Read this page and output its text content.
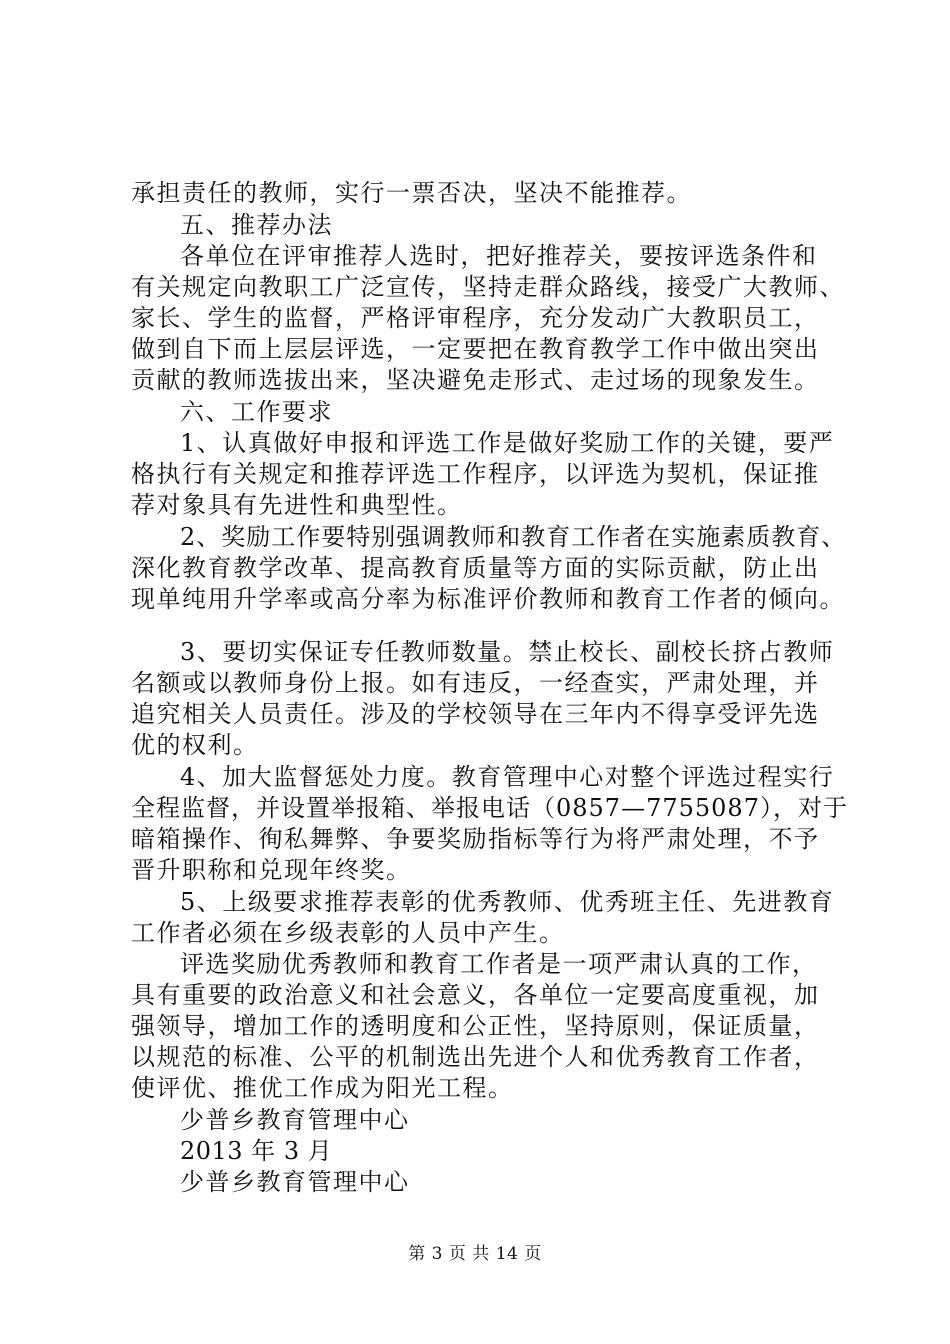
承担责任的教师，实行一票否决，坚决不能推荐。
五、推荐办法
各单位在评审推荐人选时，把好推荐关，要按评选条件和
有关规定向教职工广泛宣传，坚持走群众路线，接受广大教师、
家长、学生的监督，严格评审程序，充分发动广大教职员工，
做到自下而上层层评选，一定要把在教育教学工作中做出突出
贡献的教师选拔出来，坚决避免走形式、走过场的现象发生。
六、工作要求
1、认真做好申报和评选工作是做好奖励工作的关键，要严
格执行有关规定和推荐评选工作程序，以评选为契机，保证推
荐对象具有先进性和典型性。
2、奖励工作要特别强调教师和教育工作者在实施素质教育、
深化教育教学改革、提高教育质量等方面的实际贡献，防止出
现单纯用升学率或高分率为标准评价教师和教育工作者的倾向。
3、要切实保证专任教师数量。禁止校长、副校长挤占教师
名额或以教师身份上报。如有违反，一经查实，严肃处理，并
追究相关人员责任。涉及的学校领导在三年内不得享受评先选
优的权利。
4、加大监督惩处力度。教育管理中心对整个评选过程实行
全程监督，并设置举报箱、举报电话（0857—7755087），对于
暗箱操作、徇私舞弊、争要奖励指标等行为将严肃处理，不予
晋升职称和兑现年终奖。
5、上级要求推荐表彰的优秀教师、优秀班主任、先进教育
工作者必须在乡级表彰的人员中产生。
评选奖励优秀教师和教育工作者是一项严肃认真的工作，
具有重要的政治意义和社会意义，各单位一定要高度重视，加
强领导，增加工作的透明度和公正性，坚持原则，保证质量，
以规范的标准、公平的机制选出先进个人和优秀教育工作者，
使评优、推优工作成为阳光工程。
少普乡教育管理中心
2013 年 3 月
少普乡教育管理中心
第 3 页 共 14 页
